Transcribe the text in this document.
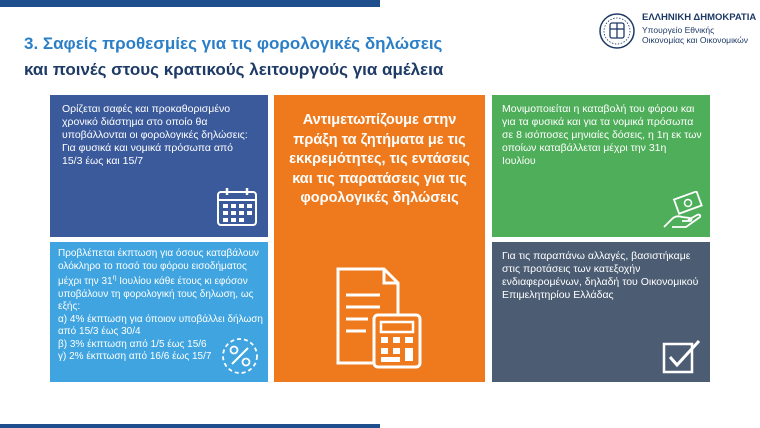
3. Σαφείς προθεσμίες για τις φορολογικές δηλώσεις
και ποινές στους κρατικούς λειτουργούς για αμέλεια
ΕΛΛΗΝΙΚΗ ΔΗΜΟΚΡΑΤΙΑ
Υπουργείο Εθνικής Οικονομίας και Οικονομικών
Ορίζεται σαφές και προκαθορισμένο χρονικό διάστημα στο οποίο θα υποβάλλονται οι φορολογικές δηλώσεις:
Για φυσικά και νομικά πρόσωπα από 15/3 έως και 15/7
Προβλέπεται έκπτωση για όσους καταβάλουν ολόκληρο το ποσό του φόρου εισοδήματος μέχρι την $31^\eta$ Ιουλίου κάθε έτους κι εφόσον υποβάλουν τη φορολογική τους δηλωση, ως εξής:
α) 4% έκπτωση για όποιον υποβάλλει δήλωση από 15/3 έως 30/4
β) 3% έκπτωση από 1/5 έως 15/6
γ) 2% έκπτωση από 16/6 έως 15/7
Αντιμετωπίζουμε στην πράξη τα ζητήματα με τις εκκρεμότητες, τις εντάσεις και τις παρατάσεις για τις φορολογικές δηλώσεις
Μονιμοποιείται η καταβολή του φόρου και για τα φυσικά και για τα νομικά πρόσωπα σε 8 ισόποσες μηνιαίες δόσεις, η 1η εκ των οποίων καταβάλλεται μέχρι την 31η Ιουλίου
Για τις παραπάνω αλλαγές, βασιστήκαμε στις προτάσεις των κατεξοχήν ενδιαφερομένων, δηλαδή του Οικονομικού Επιμελητηρίου Ελλάδας
